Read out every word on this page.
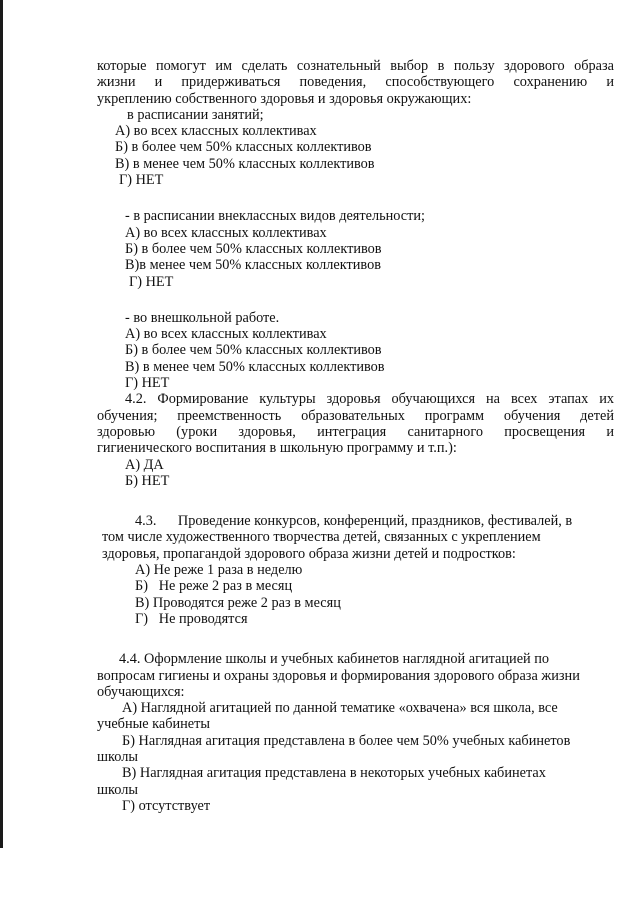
которые помогут им сделать сознательный выбор в пользу здорового образа

жизни и придерживаться поведения, способствующего сохранению и

укреплению собственного здоровья и здоровья окружающих:

в расписании занятий;

А) во всех классных коллективах

Б) в более чем 50% классных коллективов

В) в менее чем 50% классных коллективов

Г) НЕТ

- в расписании внеклассных видов деятельности;

А) во всех классных коллективах

Б) в более чем 50% классных коллективов

В)в менее чем 50% классных коллективов

Г) НЕТ

- во внешкольной работе.

А) во всех классных коллективах

Б) в более чем 50% классных коллективов

В) в менее чем 50% классных коллективов

Г) НЕТ

4.2. Формирование культуры здоровья обучающихся на всех этапах их

обучения; преемственность образовательных программ обучения детей

здоровью (уроки здоровья, интеграция санитарного просвещения и

гигиенического воспитания в школьную программу и т.п.):

А) ДА

Б) НЕТ

4.3.      Проведение конкурсов, конференций, праздников, фестивалей, в

том числе художественного творчества детей, связанных с укреплением

здоровья, пропагандой здорового образа жизни детей и подростков:

А) Не реже 1 раза в неделю

Б)   Не реже 2 раз в месяц

В) Проводятся реже 2 раз в месяц

Г)   Не проводятся

4.4. Оформление школы и учебных кабинетов наглядной агитацией по

вопросам гигиены и охраны здоровья и формирования здорового образа жизни

обучающихся:

А) Наглядной агитацией по данной тематике «охвачена» вся школа, все

учебные кабинеты

Б) Наглядная агитация представлена в более чем 50% учебных кабинетов

школы

В) Наглядная агитация представлена в некоторых учебных кабинетах

школы

Г) отсутствует
